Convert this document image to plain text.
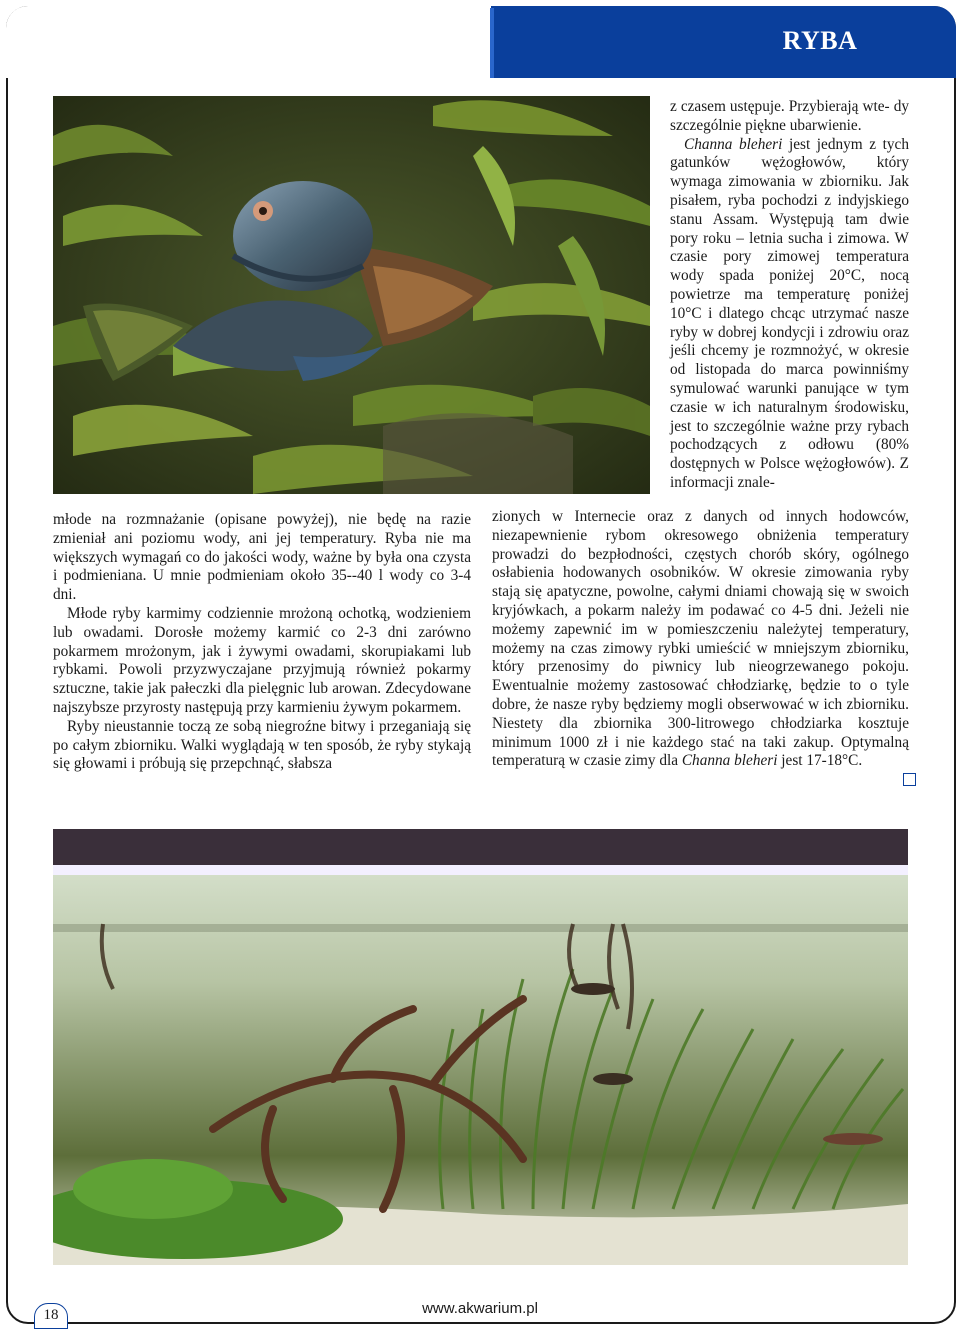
RYBA

z czasem ustępuje. Przybierają wte- dy szczególnie piękne ubarwienie.

Channa bleheri jest jednym z tych gatunków wężogłowów, który wymaga zimowania w zbiorniku. Jak pisałem, ryba pochodzi z indyjskiego stanu Assam. Występują tam dwie pory roku – letnia sucha i zimowa. W czasie pory zimowej temperatura wody spada poniżej 20°C, nocą powietrze ma temperaturę poniżej 10°C i dlatego chcąc utrzymać nasze ryby w dobrej kondycji i zdrowiu oraz jeśli chcemy je rozmnożyć, w okresie od listopada do marca powinniśmy symulować warunki panujące w tym czasie w ich naturalnym środowisku, jest to szczególnie ważne przy rybach pochodzących z odłowu (80% dostępnych w Polsce wężogłowów). Z informacji znale-

młode na rozmnażanie (opisane powyżej), nie będę na razie zmieniał ani poziomu wody, ani jej temperatury. Ryba nie ma większych wymagań co do jakości wody, ważne by była ona czysta i podmieniana. U mnie podmieniam około 35--40 l wody co 3-4 dni.

Młode ryby karmimy codziennie mrożoną ochotką, wodzieniem lub owadami. Dorosłe możemy karmić co 2-3 dni zarówno pokarmem mrożonym, jak i żywymi owadami, skorupiakami lub rybkami. Powoli przyzwyczajane przyjmują również pokarmy sztuczne, takie jak pałeczki dla pielęgnic lub arowan. Zdecydowane najszybsze przyrosty następują przy karmieniu żywym pokarmem.

Ryby nieustannie toczą ze sobą niegroźne bitwy i przeganiają się po całym zbiorniku. Walki wyglądają w ten sposób, że ryby stykają się głowami i próbują się przepchnąć, słabsza

zionych w Internecie oraz z danych od innych hodowców, niezapewnienie rybom okresowego obniżenia temperatury prowadzi do bezpłodności, częstych chorób skóry, ogólnego osłabienia hodowanych osobników. W okresie zimowania ryby stają się apatyczne, powolne, całymi dniami chowają się w swoich kryjówkach, a pokarm należy im podawać co 4-5 dni. Jeżeli nie możemy zapewnić im w pomieszczeniu należytej temperatury, możemy na czas zimowy rybki umieścić w mniejszym zbiorniku, który przenosimy do piwnicy lub nieogrzewanego pokoju. Ewentualnie możemy zastosować chłodziarkę, będzie to o tyle dobre, że nasze ryby będziemy mogli obserwować w ich zbiorniku. Niestety dla zbiornika 300-litrowego chłodziarka kosztuje minimum 1000 zł i nie każdego stać na taki zakup. Optymalną temperaturą w czasie zimy dla Channa bleheri jest 17-18°C.

www.akwarium.pl
18
